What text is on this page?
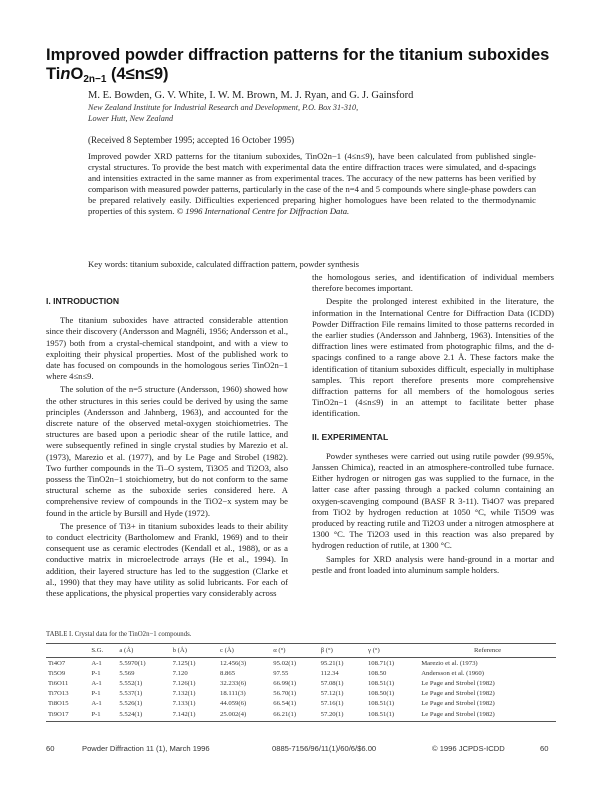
Improved powder diffraction patterns for the titanium suboxides
TinO$_{2n-1}$ (4≤n≤9)
M. E. Bowden, G. V. White, I. W. M. Brown, M. J. Ryan, and G. J. Gainsford
New Zealand Institute for Industrial Research and Development, P.O. Box 31-310,
Lower Hutt, New Zealand
(Received 8 September 1995; accepted 16 October 1995)
Improved powder XRD patterns for the titanium suboxides, TinO2n−1 (4≤n≤9), have been calculated from published single-crystal structures. To provide the best match with experimental data the entire diffraction traces were simulated, and d-spacings and intensities extracted in the same manner as from experimental traces. The accuracy of the new patterns has been verified by comparison with measured powder patterns, particularly in the case of the n=4 and 5 compounds where single-phase powders can be prepared relatively easily. Difficulties experienced preparing higher homologues have been related to the thermodynamic properties of this system. © 1996 International Centre for Diffraction Data.
Key words: titanium suboxide, calculated diffraction pattern, powder synthesis
I. INTRODUCTION

The titanium suboxides have attracted considerable attention since their discovery (Andersson and Magnéli, 1956; Andersson et al., 1957) both from a crystal-chemical standpoint, and with a view to exploiting their physical properties. Most of the published work to date has focused on compounds in the homologous series TinO2n−1 where 4≤n≤9.

The solution of the n=5 structure (Andersson, 1960) showed how the other structures in this series could be derived by using the same principles (Andersson and Jahnberg, 1963), and accounted for the discrete nature of the observed metal-oxygen stoichiometries. The structures are based upon a periodic shear of the rutile lattice, and were subsequently refined in single crystal studies by Marezio et al. (1973), Marezio et al. (1977), and by Le Page and Strobel (1982). Two further compounds in the Ti–O system, Ti3O5 and Ti2O3, also possess the TinO2n−1 stoichiometry, but do not conform to the same structural scheme as the suboxide series considered here. A comprehensive review of compounds in the TiO2−x system may be found in the article by Bursill and Hyde (1972).

The presence of Ti3+ in titanium suboxides leads to their ability to conduct electricity (Bartholomew and Frankl, 1969) and to their consequent use as ceramic electrodes (Kendall et al., 1988), or as a conductive matrix in microelectrode arrays (He et al., 1994). In addition, their layered structure has led to the suggestion (Clarke et al., 1990) that they may have utility as solid lubricants. For each of these applications, the physical properties vary considerably across

the homologous series, and identification of individual members therefore becomes important.

Despite the prolonged interest exhibited in the literature, the information in the International Centre for Diffraction Data (ICDD) Powder Diffraction File remains limited to those patterns recorded in the earlier studies (Andersson and Jahnberg, 1963). Intensities of the diffraction lines were estimated from photographic films, and the d-spacings confined to a range above 2.1 Å. These factors make the identification of titanium suboxides difficult, especially in multiphase samples. This report therefore presents more comprehensive diffraction patterns for all members of the homologous series TinO2n−1 (4≤n≤9) in an attempt to facilitate better phase identification.

II. EXPERIMENTAL

Powder syntheses were carried out using rutile powder (99.95%, Janssen Chimica), reacted in an atmosphere-controlled tube furnace. Either hydrogen or nitrogen gas was supplied to the furnace, in the latter case after passing through a packed column containing an oxygen-scavenging compound (BASF R 3-11). Ti4O7 was prepared from TiO2 by hydrogen reduction at 1050 °C, while Ti5O9 was produced by reacting rutile and Ti2O3 under a nitrogen atmosphere at 1300 °C. The Ti2O3 used in this reaction was also prepared by hydrogen reduction of rutile, at 1300 °C.

Samples for XRD analysis were hand-ground in a mortar and pestle and front loaded into aluminum sample holders.

TABLE I. Crystal data for the TinO2n−1 compounds.
	S.G.	a (Å)	b (Å)	c (Å)	α (°)	β (°)	γ (°)	Reference
Ti4O7	A-1	5.5970(1)	7.125(1)	12.456(3)	95.02(1)	95.21(1)	108.71(1)	Marezio et al. (1973)
Ti5O9	P-1	5.569	7.120	8.865	97.55	112.34	108.50	Andersson et al. (1960)
Ti6O11	A-1	5.552(1)	7.126(1)	32.233(6)	66.99(1)	57.08(1)	108.51(1)	Le Page and Strobel (1982)
Ti7O13	P-1	5.537(1)	7.132(1)	18.111(3)	56.70(1)	57.12(1)	108.50(1)	Le Page and Strobel (1982)
Ti8O15	A-1	5.526(1)	7.133(1)	44.059(6)	66.54(1)	57.16(1)	108.51(1)	Le Page and Strobel (1982)
Ti9O17	P-1	5.524(1)	7.142(1)	25.002(4)	66.21(1)	57.20(1)	108.51(1)	Le Page and Strobel (1982)
60	Powder Diffraction 11 (1), March 1996	0885-7156/96/11(1)/60/6/$6.00	© 1996 JCPDS-ICDD	60
